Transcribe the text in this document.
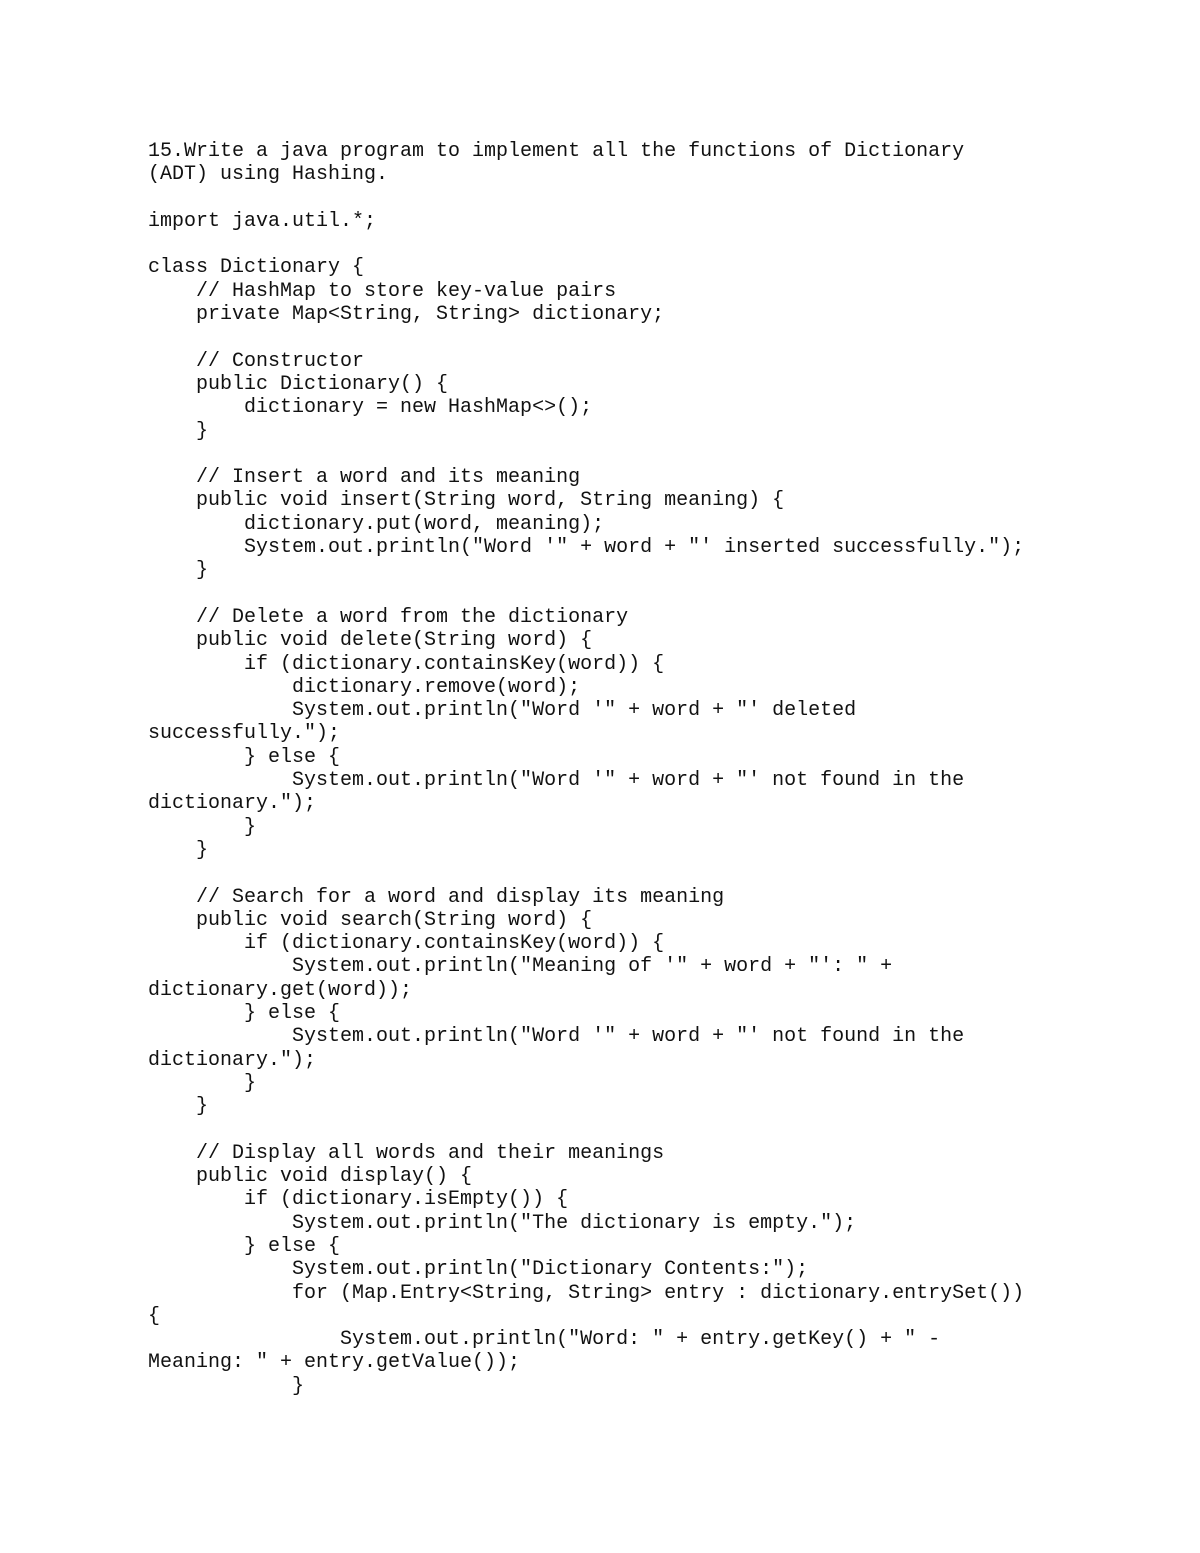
15.Write a java program to implement all the functions of Dictionary
(ADT) using Hashing.
import java.util.*;
class Dictionary {
// HashMap to store key-value pairs
private Map<String, String> dictionary;
// Constructor
public Dictionary() {
dictionary = new HashMap<>();
}
// Insert a word and its meaning
public void insert(String word, String meaning) {
dictionary.put(word, meaning);
System.out.println("Word '" + word + "' inserted successfully.");
}
// Delete a word from the dictionary
public void delete(String word) {
if (dictionary.containsKey(word)) {
dictionary.remove(word);
System.out.println("Word '" + word + "' deleted
successfully.");
} else {
System.out.println("Word '" + word + "' not found in the
dictionary.");
}
}
// Search for a word and display its meaning
public void search(String word) {
if (dictionary.containsKey(word)) {
System.out.println("Meaning of '" + word + "': " +
dictionary.get(word));
} else {
System.out.println("Word '" + word + "' not found in the
dictionary.");
}
}
// Display all words and their meanings
public void display() {
if (dictionary.isEmpty()) {
System.out.println("The dictionary is empty.");
} else {
System.out.println("Dictionary Contents:");
for (Map.Entry<String, String> entry : dictionary.entrySet())
{
System.out.println("Word: " + entry.getKey() + " -
Meaning: " + entry.getValue());
}
